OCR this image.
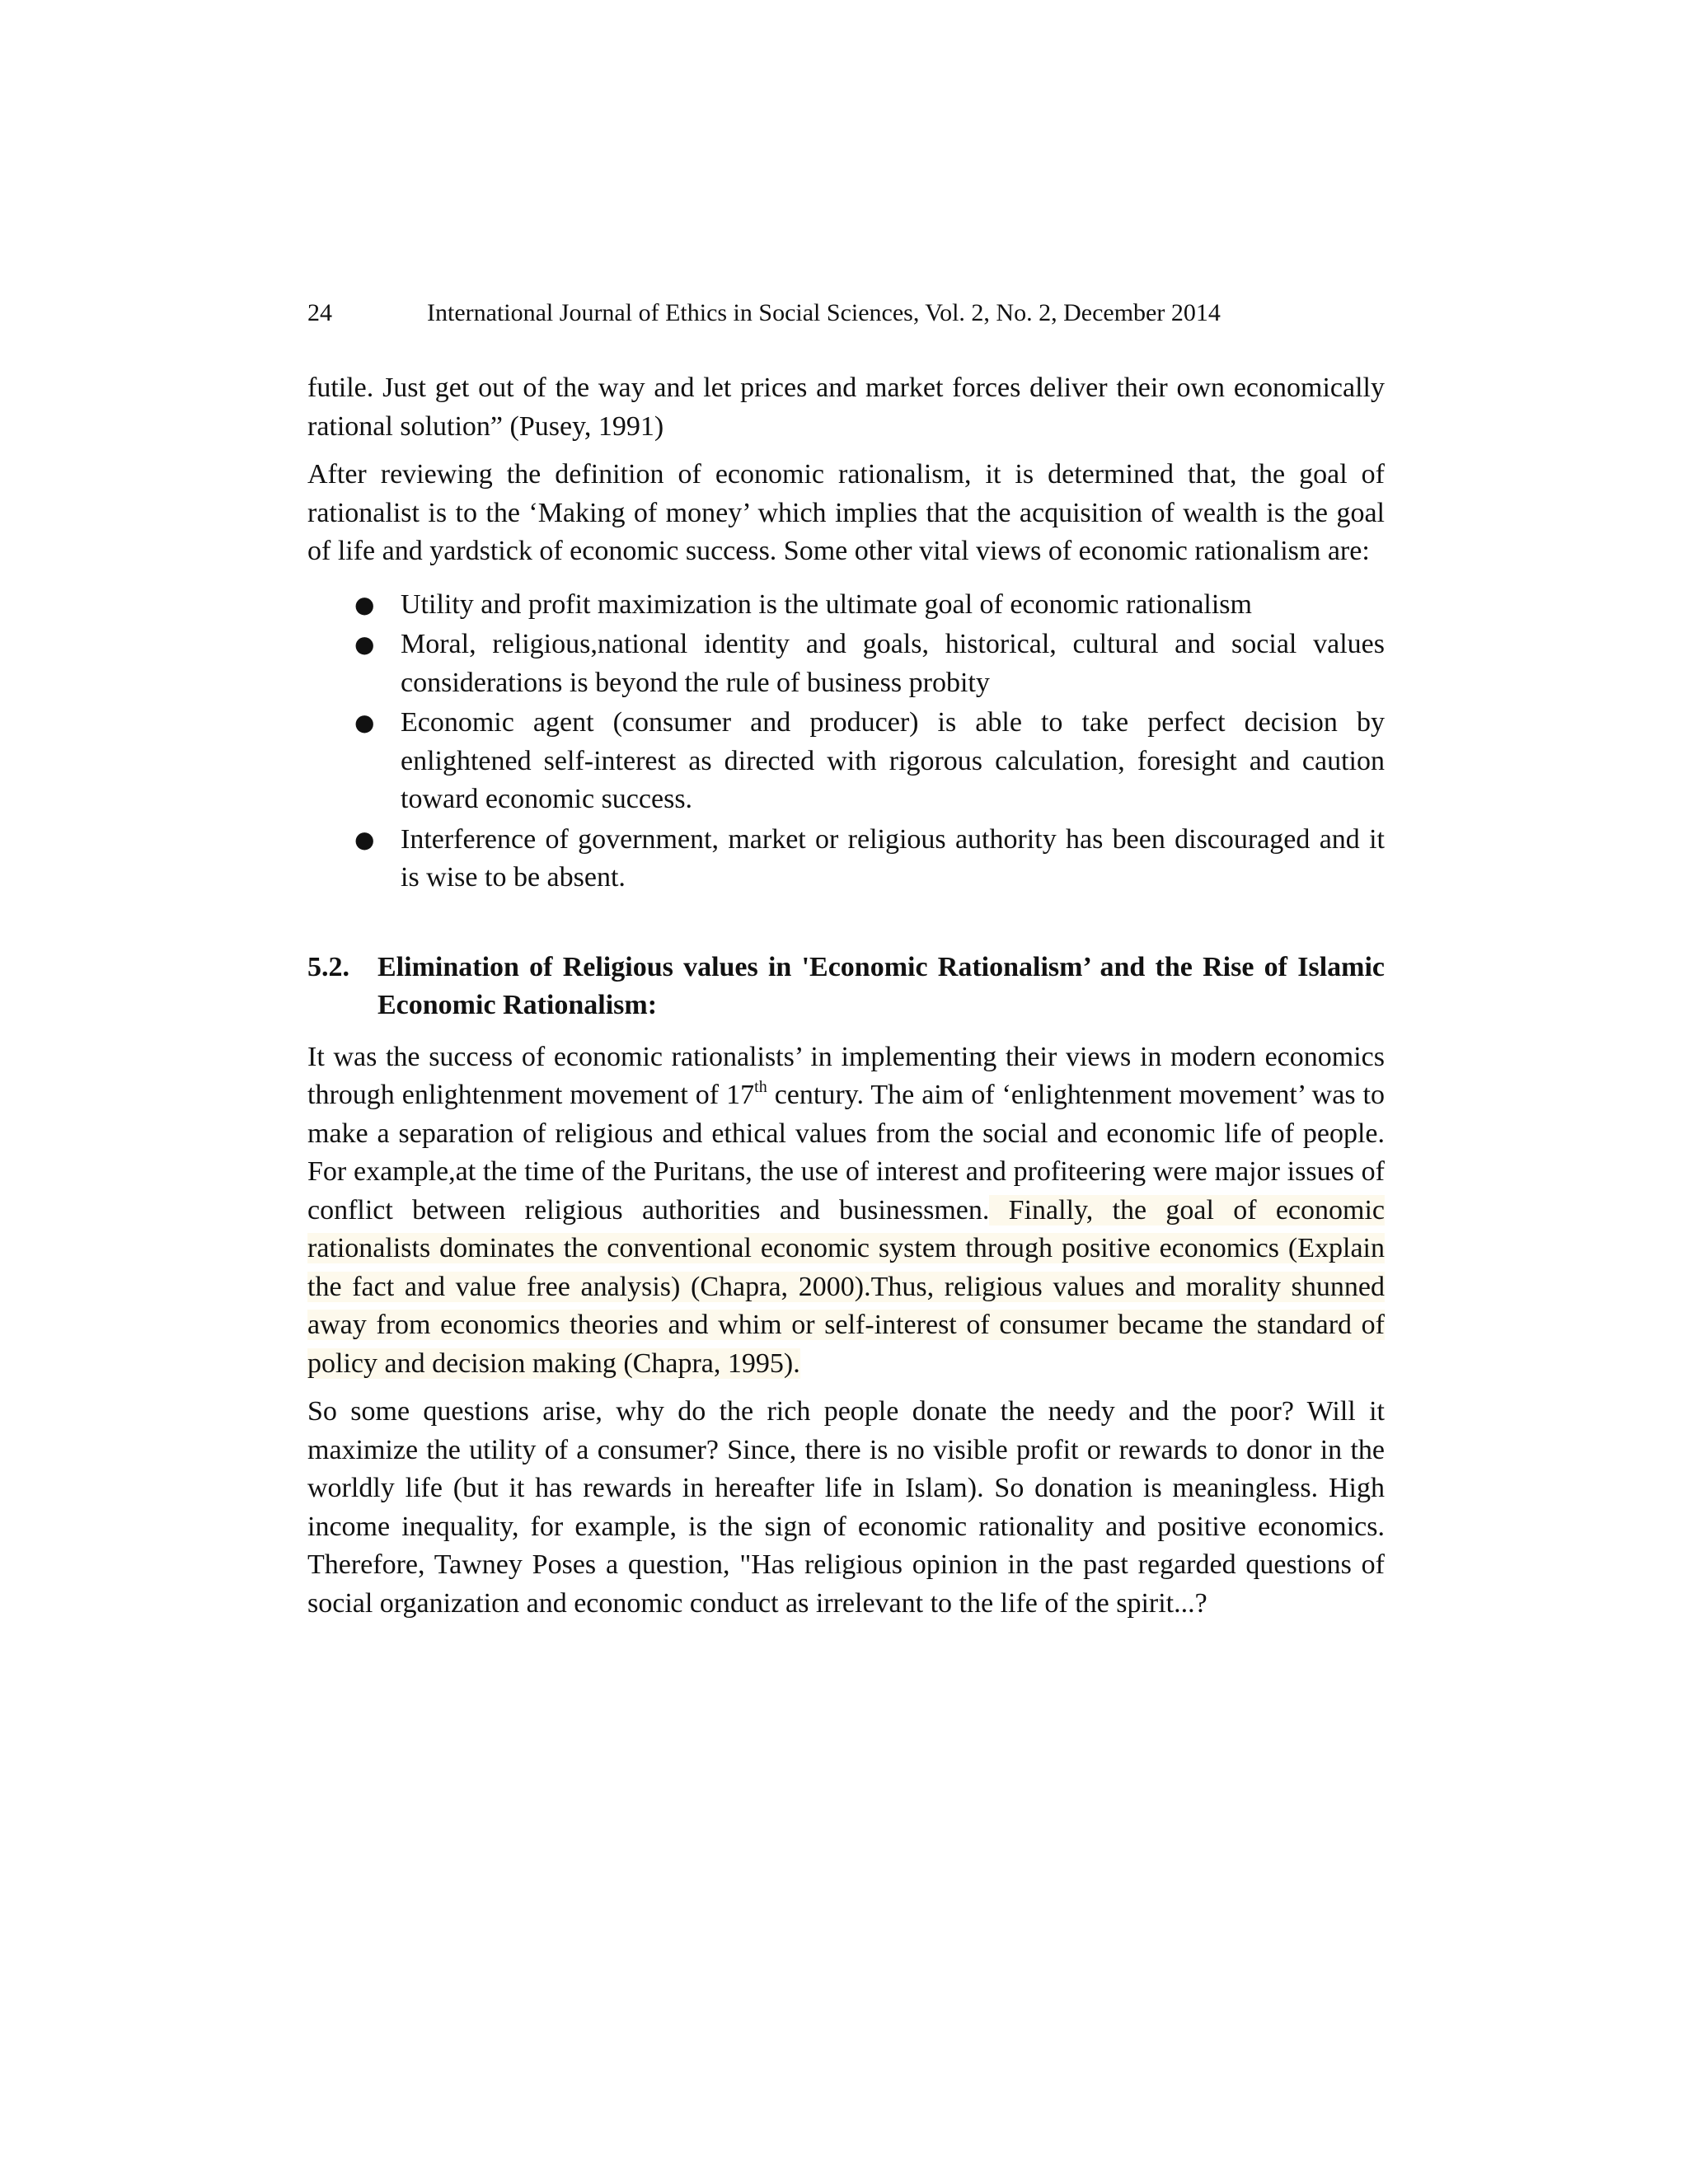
24	International Journal of Ethics in Social Sciences, Vol. 2, No. 2, December 2014

futile. Just get out of the way and let prices and market forces deliver their own economically rational solution” (Pusey, 1991)

After reviewing the definition of economic rationalism, it is determined that, the goal of rationalist is to the ‘Making of money’ which implies that the acquisition of wealth is the goal of life and yardstick of economic success. Some other vital views of economic rationalism are:

● Utility and profit maximization is the ultimate goal of economic rationalism
● Moral, religious,national identity and goals, historical, cultural and social values considerations is beyond the rule of business probity
● Economic agent (consumer and producer) is able to take perfect decision by enlightened self-interest as directed with rigorous calculation, foresight and caution toward economic success.
● Interference of government, market or religious authority has been discouraged and it is wise to be absent.
5.2.	Elimination of Religious values in 'Economic Rationalism’ and the Rise of Islamic Economic Rationalism:

It was the success of economic rationalists’ in implementing their views in modern economics through enlightenment movement of 17th century. The aim of ‘enlightenment movement’ was to make a separation of religious and ethical values from the social and economic life of people. For example,at the time of the Puritans, the use of interest and profiteering were major issues of conflict between religious authorities and businessmen. Finally, the goal of economic rationalists dominates the conventional economic system through positive economics (Explain the fact and value free analysis) (Chapra, 2000).Thus, religious values and morality shunned away from economics theories and whim or self-interest of consumer became the standard of policy and decision making (Chapra, 1995).

So some questions arise, why do the rich people donate the needy and the poor? Will it maximize the utility of a consumer? Since, there is no visible profit or rewards to donor in the worldly life (but it has rewards in hereafter life in Islam). So donation is meaningless. High income inequality, for example, is the sign of economic rationality and positive economics. Therefore, Tawney Poses a question, "Has religious opinion in the past regarded questions of social organization and economic conduct as irrelevant to the life of the spirit...?
